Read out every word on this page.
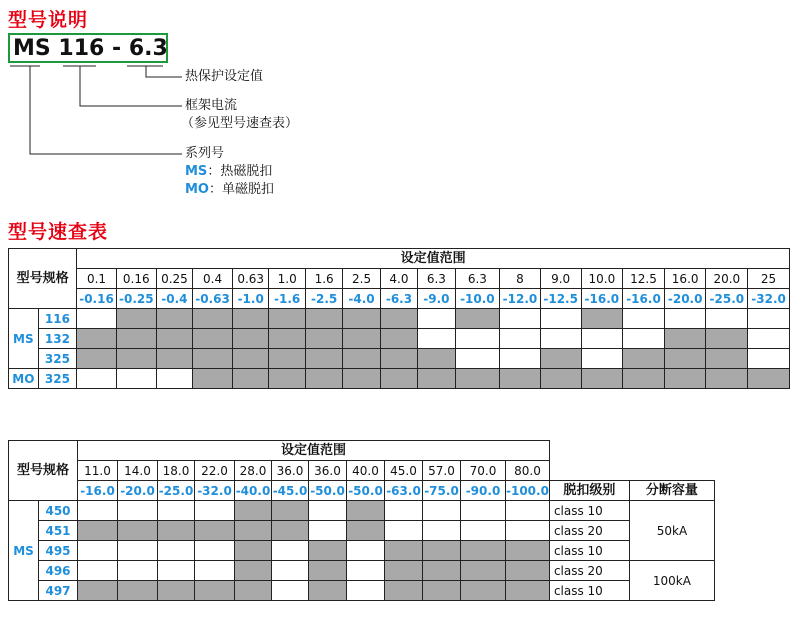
型号说明
MS 116 - 6.3
热保护设定值
框架电流
（参见型号速查表）
系列号
MS：热磁脱扣
MO：单磁脱扣
型号速查表
型号规格		设定值范围																	
		0.1	0.16	0.25	0.4	0.63	1.0	1.6	2.5	4.0	6.3	6.3	8	9.0	10.0	12.5	16.0	20.0	25
		-0.16	-0.25	-0.4	-0.63	-1.0	-1.6	-2.5	-4.0	-6.3	-9.0	-10.0	-12.0	-12.5	-16.0	-16.0	-20.0	-25.0	-32.0
MS	116																		
	132																		
	325																		
MO	325																		
型号规格		设定值范围													
		11.0	14.0	18.0	22.0	28.0	36.0	36.0	40.0	45.0	57.0	70.0	80.0		
		-16.0	-20.0	-25.0	-32.0	-40.0	-45.0	-50.0	-50.0	-63.0	-75.0	-90.0	-100.0	脱扣级别	分断容量
MS	450													class 10	50kA
	451													class 20	
	495													class 10	
	496													class 20	100kA
	497													class 10	
